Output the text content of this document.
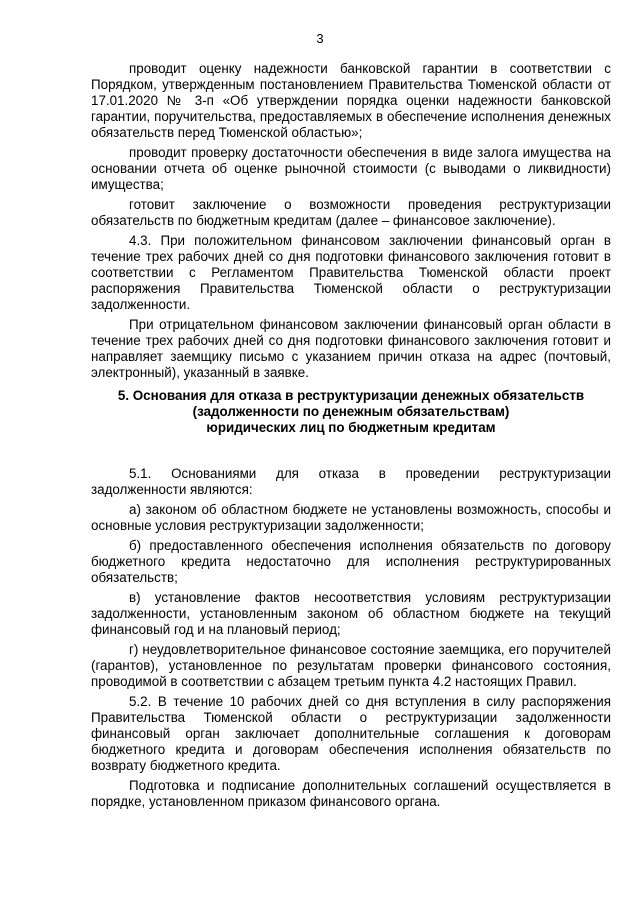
3

проводит оценку надежности банковской гарантии в соответствии с Порядком, утвержденным постановлением Правительства Тюменской области от 17.01.2020 № 3-п «Об утверждении порядка оценки надежности банковской гарантии, поручительства, предоставляемых в обеспечение исполнения денежных обязательств перед Тюменской областью»;

проводит проверку достаточности обеспечения в виде залога имущества на основании отчета об оценке рыночной стоимости (с выводами о ликвидности) имущества;

готовит заключение о возможности проведения реструктуризации обязательств по бюджетным кредитам (далее – финансовое заключение).

4.3. При положительном финансовом заключении финансовый орган в течение трех рабочих дней со дня подготовки финансового заключения готовит в соответствии с Регламентом Правительства Тюменской области проект распоряжения Правительства Тюменской области о реструктуризации задолженности.

При отрицательном финансовом заключении финансовый орган области в течение трех рабочих дней со дня подготовки финансового заключения готовит и направляет заемщику письмо с указанием причин отказа на адрес (почтовый, электронный), указанный в заявке.

5. Основания для отказа в реструктуризации денежных обязательств
(задолженности по денежным обязательствам)
юридических лиц по бюджетным кредитам

5.1. Основаниями для отказа в проведении реструктуризации задолженности являются:

а) законом об областном бюджете не установлены возможность, способы и основные условия реструктуризации задолженности;

б) предоставленного обеспечения исполнения обязательств по договору бюджетного кредита недостаточно для исполнения реструктурированных обязательств;

в) установление фактов несоответствия условиям реструктуризации задолженности, установленным законом об областном бюджете на текущий финансовый год и на плановый период;

г) неудовлетворительное финансовое состояние заемщика, его поручителей (гарантов), установленное по результатам проверки финансового состояния, проводимой в соответствии с абзацем третьим пункта 4.2 настоящих Правил.

5.2. В течение 10 рабочих дней со дня вступления в силу распоряжения Правительства Тюменской области о реструктуризации задолженности финансовый орган заключает дополнительные соглашения к договорам бюджетного кредита и договорам обеспечения исполнения обязательств по возврату бюджетного кредита.

Подготовка и подписание дополнительных соглашений осуществляется в порядке, установленном приказом финансового органа.
